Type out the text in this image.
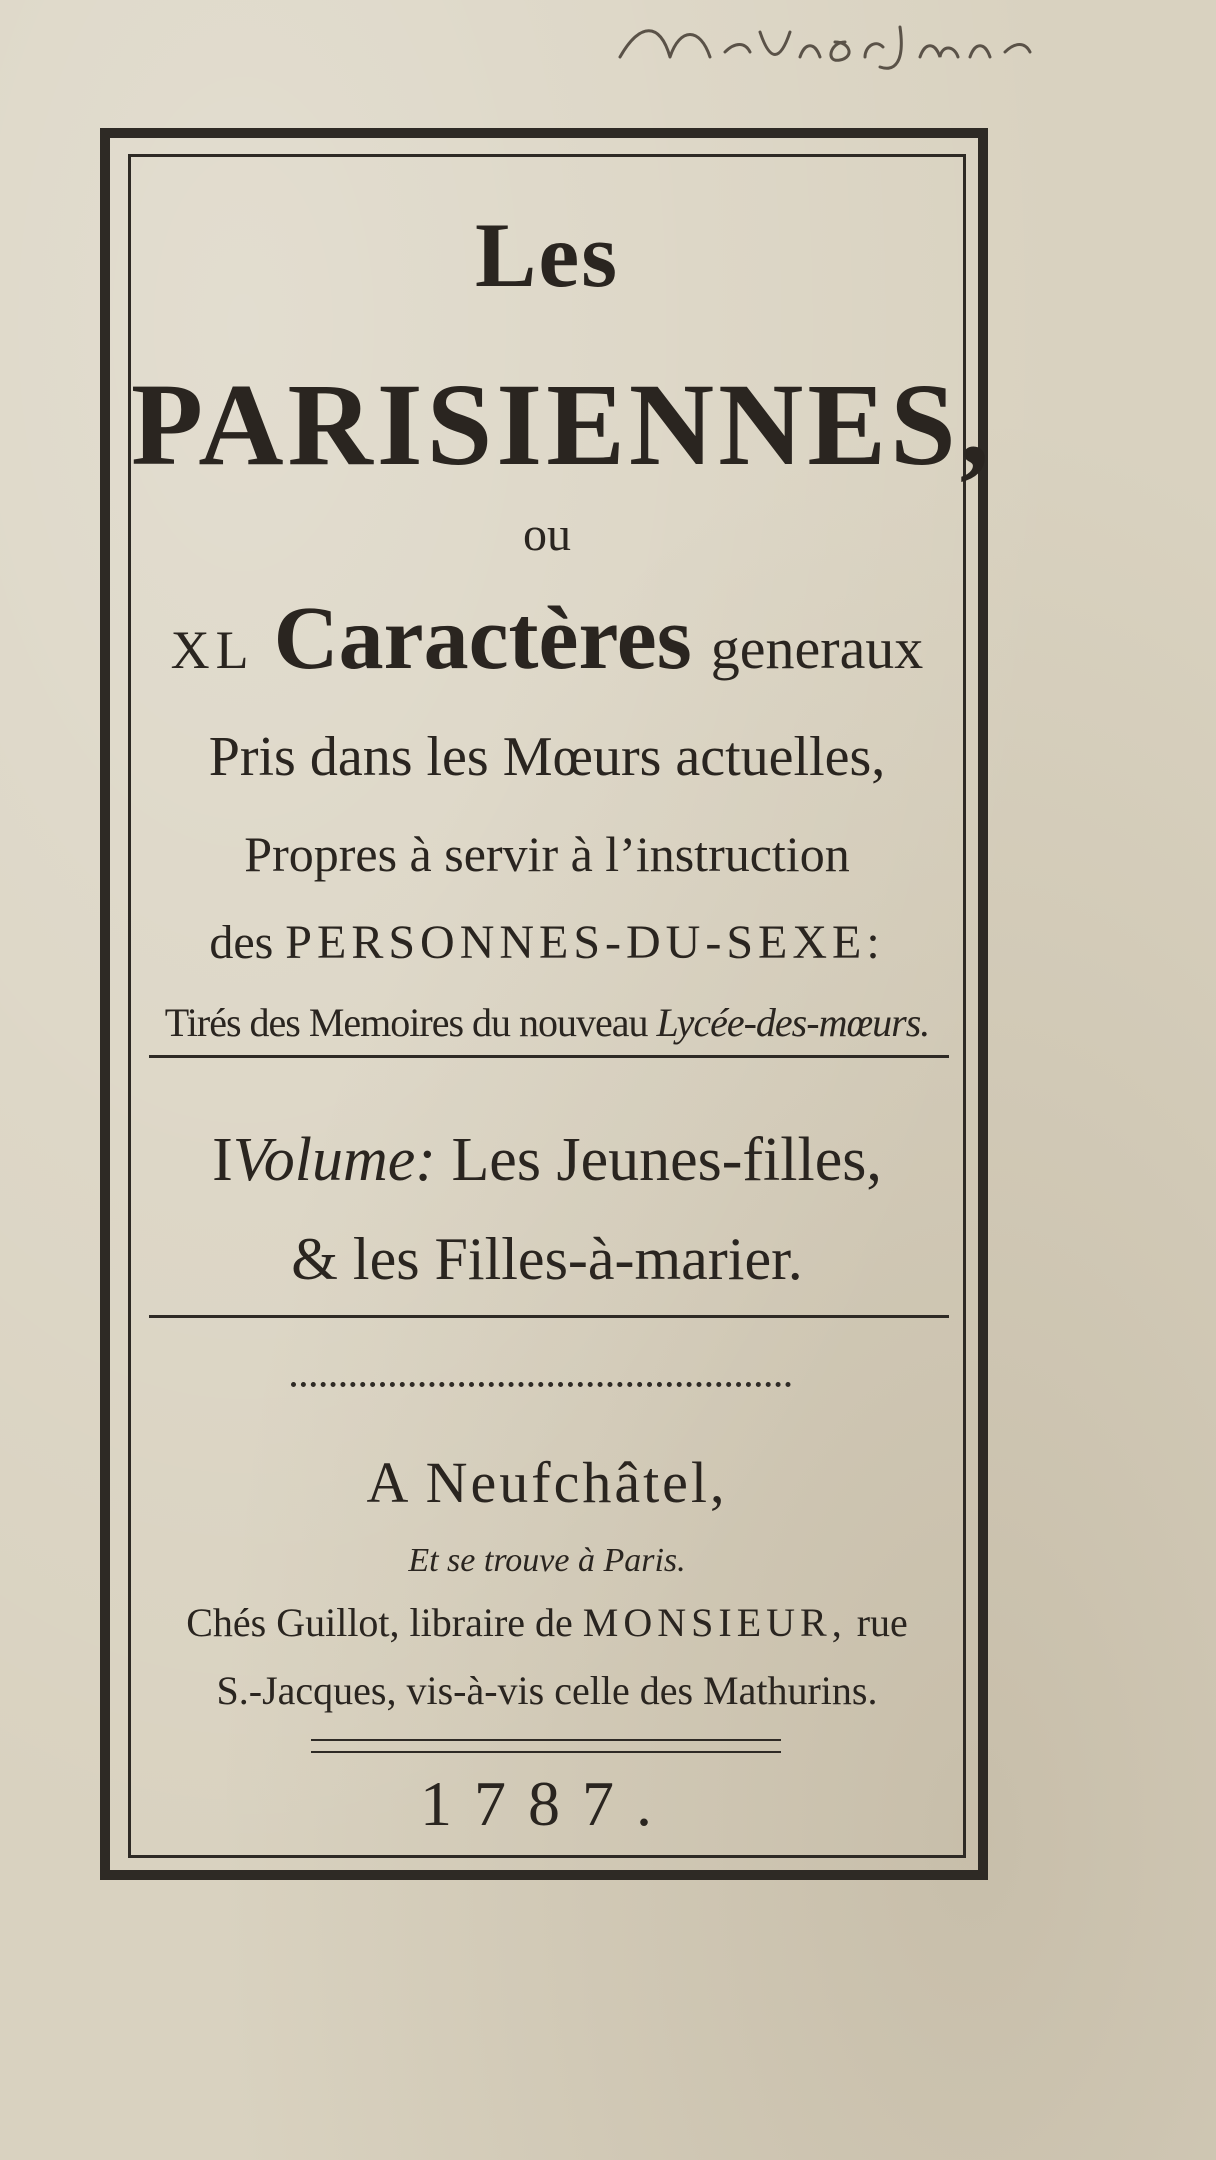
Les
PARISIENNES,
ou
XL Caractères generaux
Pris dans les Mœurs actuelles,
Propres à servir à l’instruction
des PERSONNES-DU-SEXE:
Tirés des Memoires du nouveau Lycée-des-mœurs.
IVolume: Les Jeunes-filles,
& les Filles-à-marier.
A Neufchâtel,
Et se trouve à Paris.
Chés Guillot, libraire de MONSIEUR, rue
S.-Jacques, vis-à-vis celle des Mathurins.
1787.
